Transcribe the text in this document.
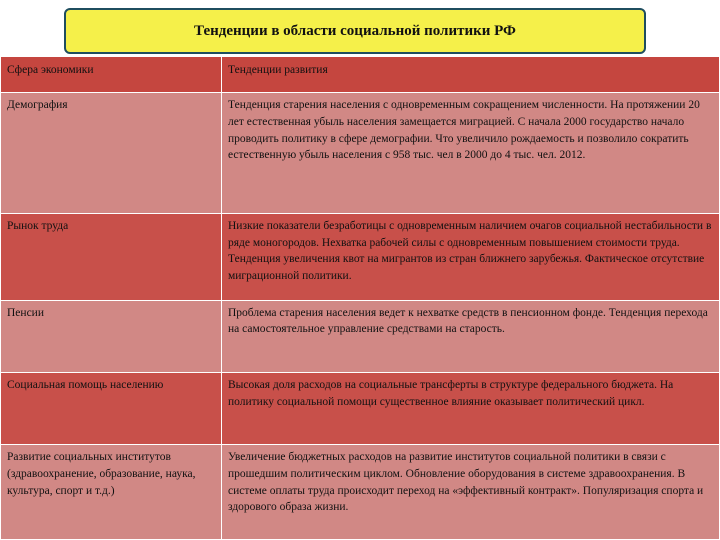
Тенденции в области социальной политики РФ
Сфера экономики	Тенденции развития
Демография	Тенденция старения населения с одновременным сокращением численности. На протяжении 20 лет естественная убыль населения замещается миграцией. С начала 2000 государство начало проводить политику в сфере демографии. Что увеличило рождаемость и позволило сократить естественную убыль населения с 958 тыс. чел в 2000 до 4 тыс. чел. 2012.
Рынок труда	Низкие показатели безработицы с одновременным наличием очагов социальной нестабильности в ряде моногородов. Нехватка рабочей силы с одновременным повышением стоимости труда. Тенденция увеличения квот на мигрантов из стран ближнего зарубежья. Фактическое отсутствие миграционной политики.
Пенсии	Проблема старения населения ведет к нехватке средств в пенсионном фонде. Тенденция перехода на самостоятельное управление средствами на старость.
Социальная помощь населению	Высокая доля расходов на социальные трансферты в структуре федерального бюджета. На политику социальной помощи существенное влияние оказывает политический цикл.
Развитие социальных институтов (здравоохранение, образование, наука, культура, спорт и т.д.)	Увеличение бюджетных расходов на развитие институтов социальной политики в связи с прошедшим политическим циклом. Обновление оборудования в системе здравоохранения. В системе оплаты труда происходит переход на «эффективный контракт». Популяризация спорта и здорового образа жизни.
